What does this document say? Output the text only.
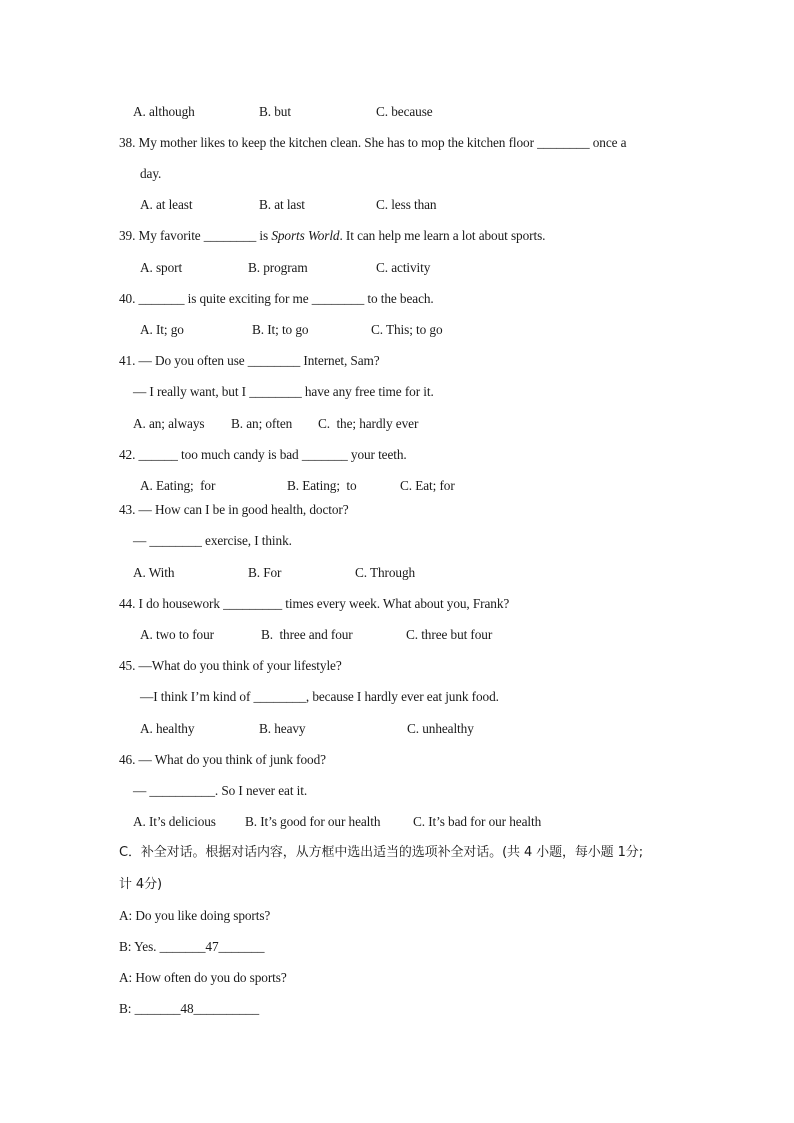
A. although	B. but	C. because
38. My mother likes to keep the kitchen clean. She has to mop the kitchen floor ________ once a
day.
A. at least	B. at last	C. less than
39. My favorite ________ is Sports World. It can help me learn a lot about sports.
A. sport	B. program	C. activity
40. _______ is quite exciting for me ________ to the beach.
A. It; go	B. It; to go	C. This; to go
41. — Do you often use ________ Internet, Sam?
— I really want, but I ________ have any free time for it.
A. an; always B. an; often C.  the; hardly ever
42. ______ too much candy is bad _______ your teeth.
A. Eating;  for	B. Eating;  to	C. Eat; for
43. — How can I be in good health, doctor?
— ________ exercise, I think.
A. With	B. For	C. Through
44. I do housework _________ times every week. What about you, Frank?
A. two to four	B.  three and four	C. three but four
45. —What do you think of your lifestyle?
—I think I’m kind of ________, because I hardly ever eat junk food.
A. healthy	B. heavy	C. unhealthy
46. — What do you think of junk food?
— __________. So I never eat it.
A. It’s delicious B. It’s good for our health C. It’s bad for our health
C．补全对话。根据对话内容，从方框中选出适当的选项补全对话。(共 4 小题，每小题 1分;
计 4分)
A: Do you like doing sports?
B: Yes. _______47_______
A: How often do you do sports?
B: _______48__________
